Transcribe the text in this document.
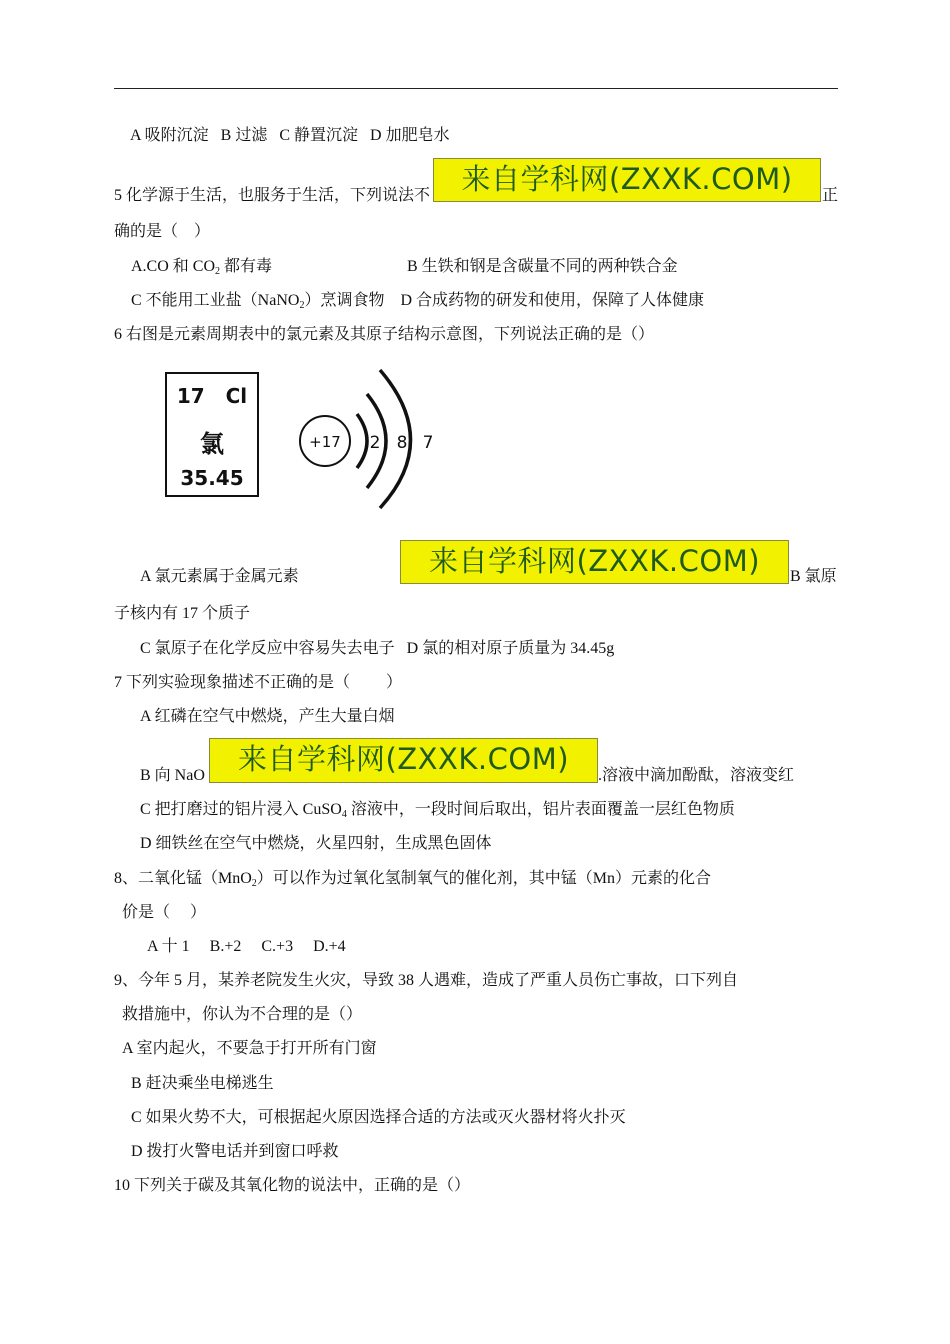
A 吸附沉淀   B 过滤   C 静置沉淀   D 加肥皂水
5 化学源于生活，也服务于生活，下列说法不	来自学科网(ZXXK.COM)	正
确的是（    ）
A.CO 和 $CO_2$ 都有毒	B 生铁和钢是含碳量不同的两种铁合金
C 不能用工业盐（NaNO$_2$）烹调食物    D 合成药物的研发和使用，保障了人体健康
6 右图是元素周期表中的氯元素及其原子结构示意图，下列说法正确的是（）
17 Cl
氯
35.45
+17 2 8 7
A 氯元素属于金属元素	来自学科网(ZXXK.COM)	B 氯原
子核内有 17 个质子
C 氯原子在化学反应中容易失去电子   D 氯的相对原子质量为 34.45g
7 下列实验现象描述不正确的是（         ）
A 红磷在空气中燃烧，产生大量白烟
B 向 NaO	来自学科网(ZXXK.COM)	.溶液中滴加酚酞，溶液变红
C 把打磨过的铝片浸入 CuSO$_4$ 溶液中，一段时间后取出，铝片表面覆盖一层红色物质
D 细铁丝在空气中燃烧，火星四射，生成黑色固体
8、二氧化锰（MnO$_2$）可以作为过氧化氢制氧气的催化剂，其中锰（Mn）元素的化合
价是（     ）
A 十 1     B.+2     C.+3     D.+4
9、今年 5 月，某养老院发生火灾，导致 38 人遇难，造成了严重人员伤亡事故，口下列自
救措施中，你认为不合理的是（）
A 室内起火，不要急于打开所有门窗
B 赶决乘坐电梯逃生
C 如果火势不大，可根据起火原因选择合适的方法或灭火器材将火扑灭
D 拨打火警电话并到窗口呼救
10 下列关于碳及其氧化物的说法中，正确的是（）
